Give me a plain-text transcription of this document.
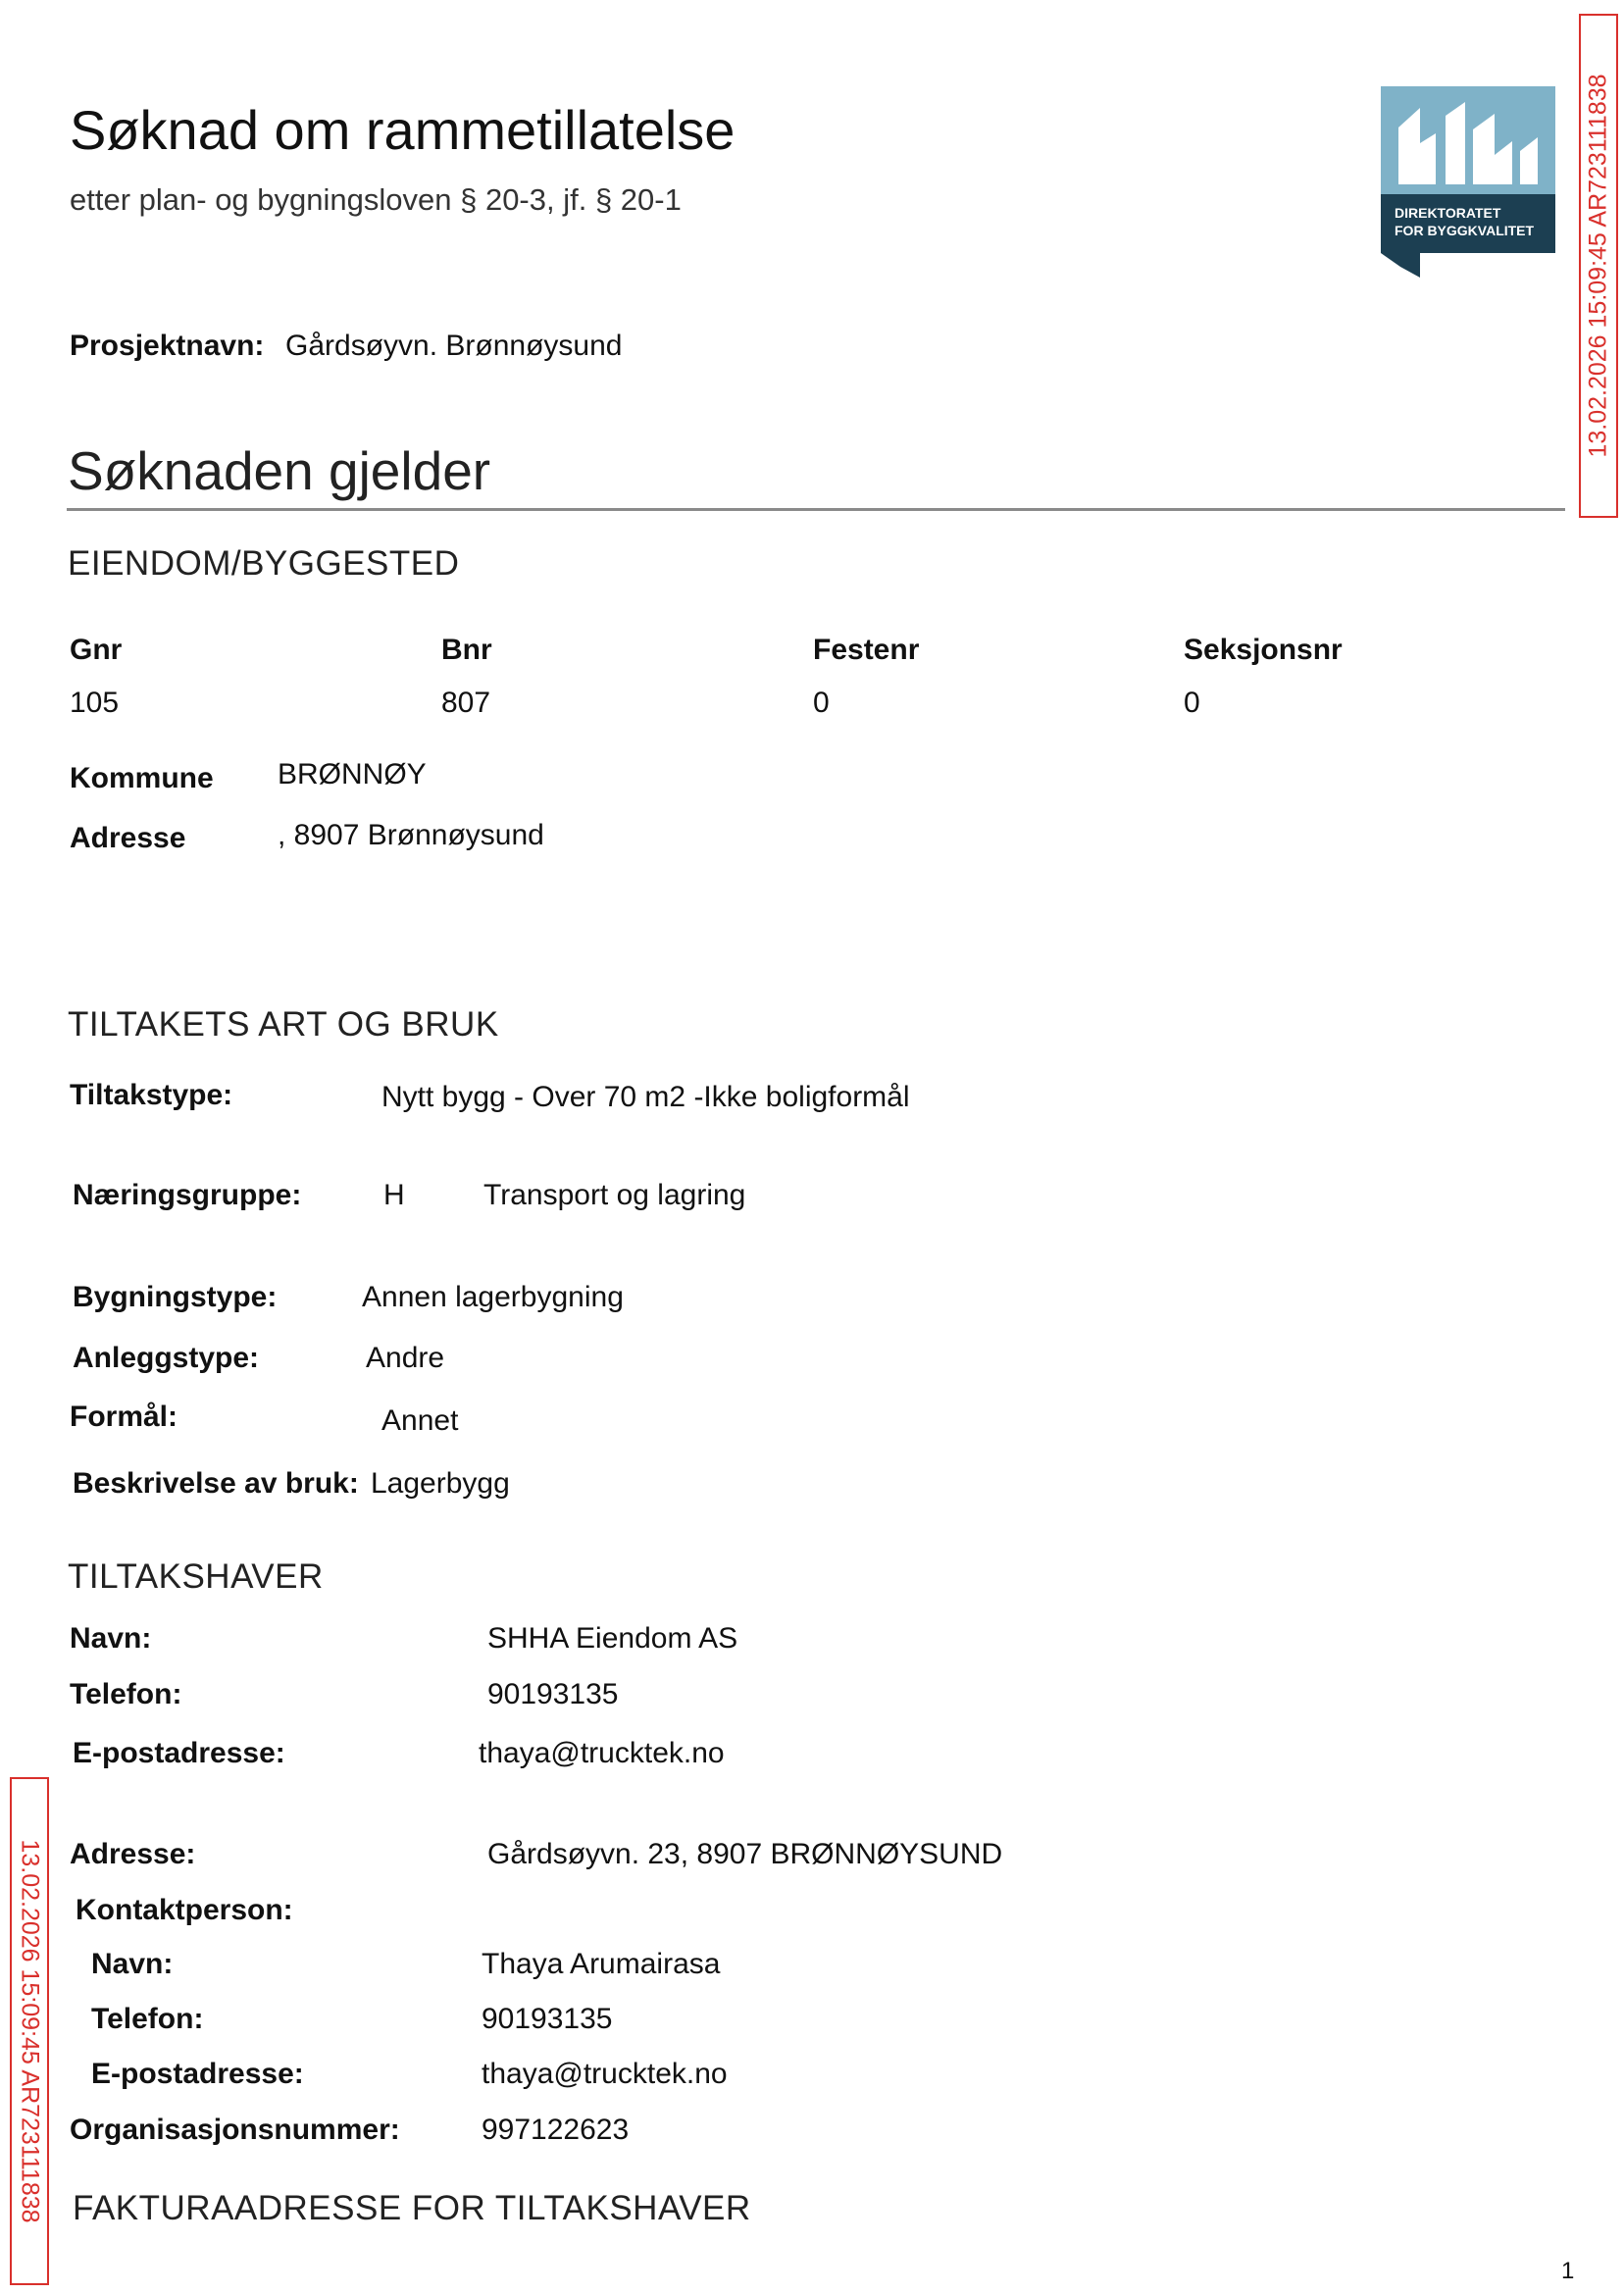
Søknad om rammetillatelse
etter plan- og bygningsloven § 20-3, jf. § 20-1	DIREKTORATET
FOR BYGGKVALITET 13.02.2026 15:09:45 AR723111838
13.02.2026 15:09:45 AR723111838
Prosjektnavn: Gårdsøyvn. Brønnøysund
Søknaden gjelder
EIENDOM/BYGGESTED
Gnr	Bnr	Festenr	Seksjonsnr
105	807	0	0
Kommune BRØNNØY
Adresse	, 8907 Brønnøysund
TILTAKETS ART OG BRUK
Tiltakstype:	Nytt bygg - Over 70 m2 -Ikke boligformål
Næringsgruppe:	H	Transport og lagring
Bygningstype:	Annen lagerbygning
Anleggstype:	Andre
Formål:	Annet
Beskrivelse av bruk: Lagerbygg
TILTAKSHAVER
Navn:	SHHA Eiendom AS
Telefon:	90193135
E-postadresse:	thaya@trucktek.no
Adresse:	Gårdsøyvn. 23, 8907 BRØNNØYSUND
Kontaktperson:
Navn:	Thaya Arumairasa
Telefon:	90193135
E-postadresse:	thaya@trucktek.no
Organisasjonsnummer:	997122623
FAKTURAADRESSE FOR TILTAKSHAVER
1
